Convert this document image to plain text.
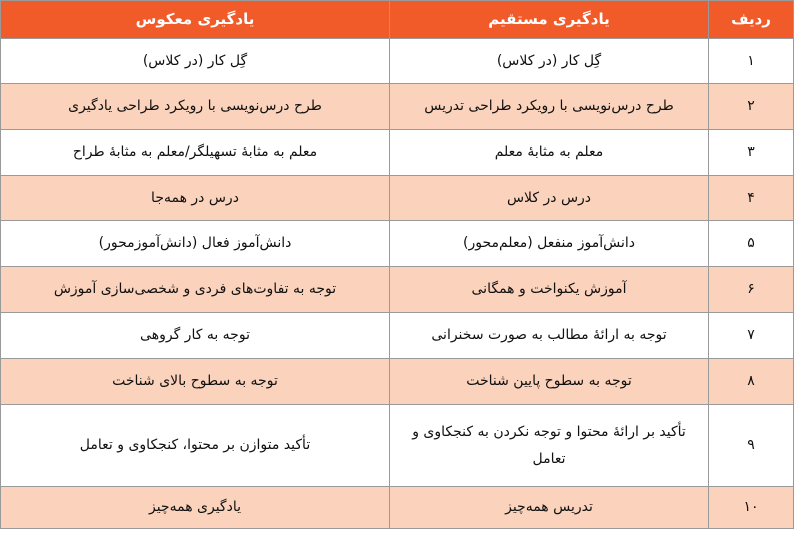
ردیف	یادگیری مستقیم	یادگیری معکوس
۱	گِل کار (در کلاس)	گِل کار (در کلاس)
۲	طرح درس‌نویسی با رویکرد طراحی تدریس	طرح درس‌نویسی با رویکرد طراحی یادگیری
۳	معلم به مثابهٔ معلم	معلم به مثابهٔ تسهیلگر/معلم به مثابهٔ طراح
۴	درس در کلاس	درس در همه‌جا
۵	دانش‌آموز منفعل (معلم‌محور)	دانش‌آموز فعال (دانش‌آموزمحور)
۶	آموزش یکنواخت و همگانی	توجه به تفاوت‌های فردی و شخصی‌سازی آموزش
۷	توجه به ارائهٔ مطالب به صورت سخنرانی	توجه به کار گروهی
۸	توجه به سطوح پایین شناخت	توجه به سطوح بالای شناخت
۹	تأکید بر ارائهٔ محتوا و توجه نکردن به کنجکاوی و تعامل	تأکید متوازن بر محتوا، کنجکاوی و تعامل
۱۰	تدریس همه‌چیز	یادگیری همه‌چیز
